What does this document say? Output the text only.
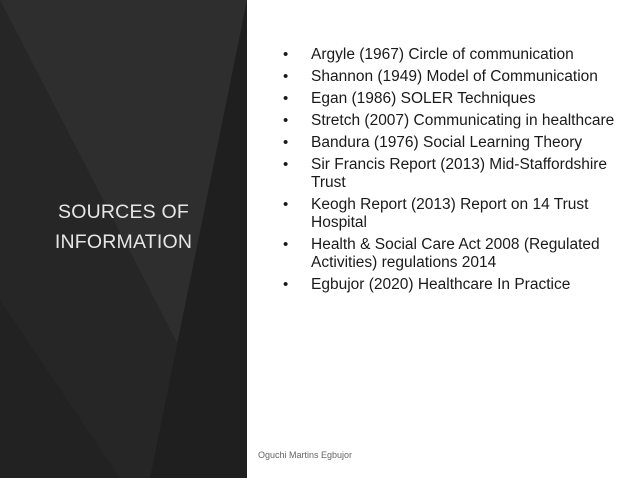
SOURCES OF
INFORMATION
•	Argyle (1967) Circle of communication
•	Shannon (1949) Model of Communication
•	Egan (1986) SOLER Techniques
•	Stretch (2007) Communicating in healthcare
•	Bandura (1976) Social Learning Theory
•	Sir Francis Report (2013) Mid-Staffordshire Trust
•	Keogh Report (2013) Report on 14 Trust Hospital
•	Health & Social Care Act 2008 (Regulated Activities) regulations 2014
•	Egbujor (2020) Healthcare In Practice
Oguchi Martins Egbujor
